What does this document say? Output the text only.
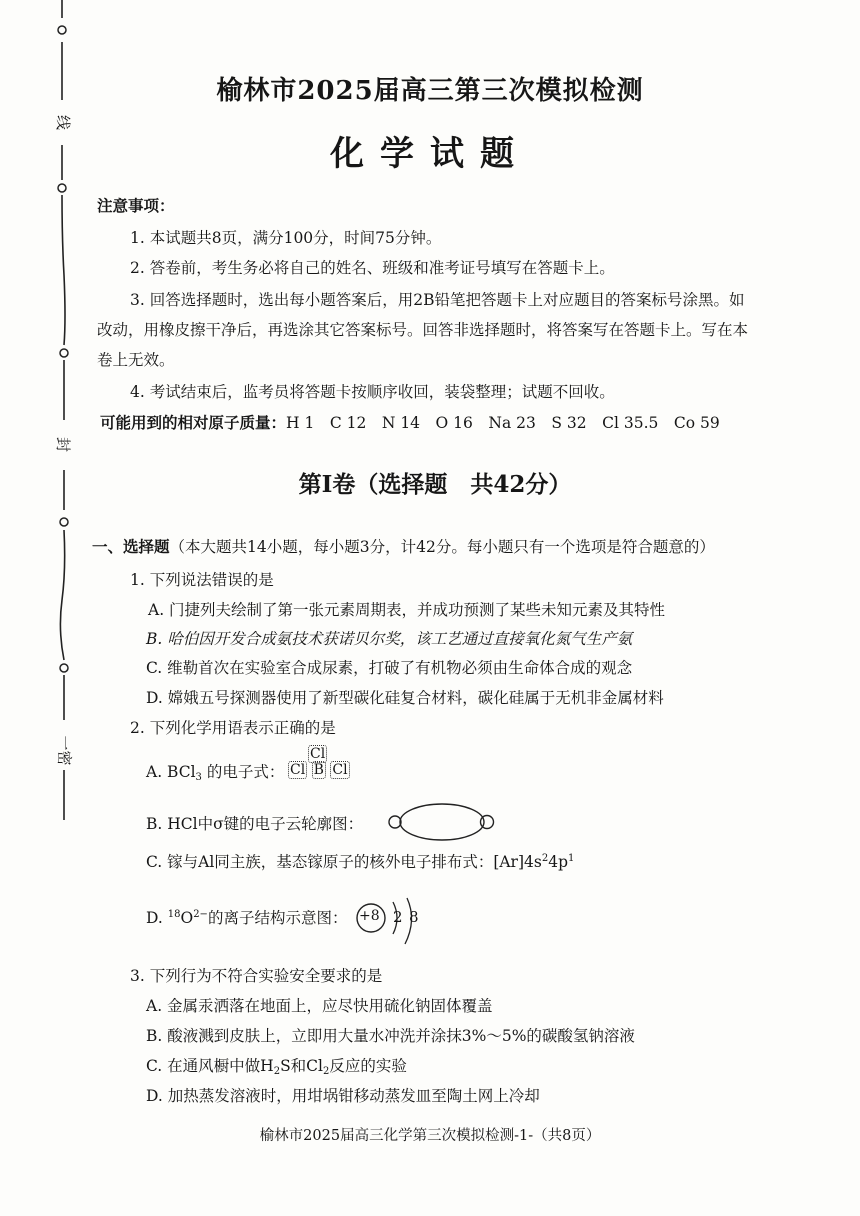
线
封
一密
榆林市2025届高三第三次模拟检测
化学试题
注意事项：
1. 本试题共8页，满分100分，时间75分钟。
2. 答卷前，考生务必将自己的姓名、班级和准考证号填写在答题卡上。
3. 回答选择题时，选出每小题答案后，用2B铅笔把答题卡上对应题目的答案标号涂黑。如
改动，用橡皮擦干净后，再选涂其它答案标号。回答非选择题时，将答案写在答题卡上。写在本
卷上无效。
4. 考试结束后，监考员将答题卡按顺序收回，装袋整理；试题不回收。
可能用到的相对原子质量：H 1　C 12　N 14　O 16　Na 23　S 32　Cl 35.5　Co 59
第Ⅰ卷（选择题　共42分）
一、选择题（本大题共14小题，每小题3分，计42分。每小题只有一个选项是符合题意的）
1. 下列说法错误的是
A. 门捷列夫绘制了第一张元素周期表，并成功预测了某些未知元素及其特性
B. 哈伯因开发合成氨技术获诺贝尔奖，该工艺通过直接氧化氮气生产氨
C. 维勒首次在实验室合成尿素，打破了有机物必须由生命体合成的观念
D. 嫦娥五号探测器使用了新型碳化硅复合材料，碳化硅属于无机非金属材料
2. 下列化学用语表示正确的是
A. BCl$_3$ 的电子式：
Cl
Cl B Cl
B. HCl中σ键的电子云轮廓图：
C. 镓与Al同主族，基态镓原子的核外电子排布式：$[Ar]4s^24p^1$
D. $^{18}O^{2-}$的离子结构示意图： +8 2 8
3. 下列行为不符合实验安全要求的是
A. 金属汞洒落在地面上，应尽快用硫化钠固体覆盖
B. 酸液溅到皮肤上，立即用大量水冲洗并涂抹3%～5%的碳酸氢钠溶液
C. 在通风橱中做$H_2S$和$Cl_2$反应的实验
D. 加热蒸发溶液时，用坩埚钳移动蒸发皿至陶土网上冷却
榆林市2025届高三化学第三次模拟检测-1-（共8页）
